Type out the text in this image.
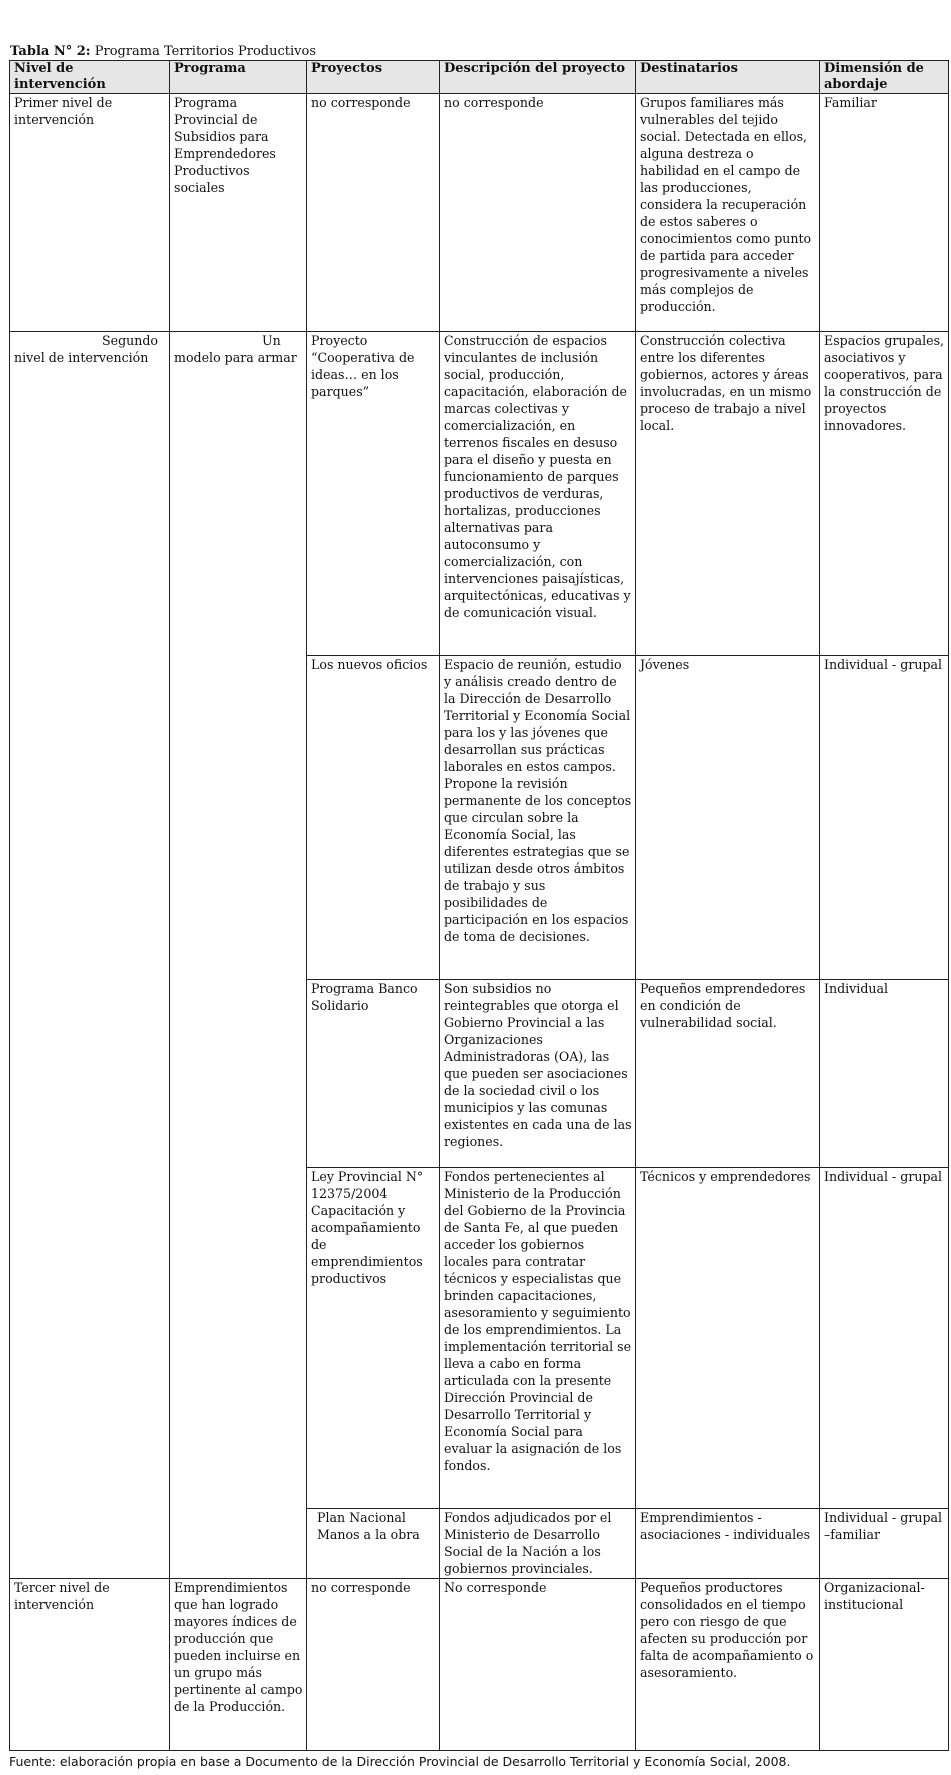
Tabla N° 2: Programa Territorios Productivos
Nivel de intervención	Programa	Proyectos	Descripción del proyecto	Destinatarios	Dimensión de abordaje
Primer nivel de intervención	Programa Provincial de Subsidios para Emprendedores Productivos sociales	no corresponde	no corresponde	Grupos familiares más vulnerables del tejido social. Detectada en ellos, alguna destreza o habilidad en el campo de las producciones, considera la recuperación de estos saberes o conocimientos como punto de partida para acceder progresivamente a niveles más complejos de producción.	Familiar
Segundo nivel de intervención	Un modelo para armar	Proyecto “Cooperativa de ideas… en los parques”	Construcción de espacios vinculantes de inclusión social, producción, capacitación, elaboración de marcas colectivas y comercialización, en terrenos fiscales en desuso para el diseño y puesta en funcionamiento de parques productivos de verduras, hortalizas, producciones alternativas para autoconsumo y comercialización, con intervenciones paisajísticas, arquitectónicas, educativas y de comunicación visual.	Construcción colectiva entre los diferentes gobiernos, actores y áreas involucradas, en un mismo proceso de trabajo a nivel local.	Espacios grupales, asociativos y cooperativos, para la construcción de proyectos innovadores.
		Los nuevos oficios	Espacio de reunión, estudio y análisis creado dentro de la Dirección de Desarrollo Territorial y Economía Social para los y las jóvenes que desarrollan sus prácticas laborales en estos campos. Propone la revisión permanente de los conceptos que circulan sobre la Economía Social, las diferentes estrategias que se utilizan desde otros ámbitos de trabajo y sus posibilidades de participación en los espacios de toma de decisiones.	Jóvenes	Individual - grupal
		Programa Banco Solidario	Son subsidios no reintegrables que otorga el Gobierno Provincial a las Organizaciones Administradoras (OA), las que pueden ser asociaciones de la sociedad civil o los municipios y las comunas existentes en cada una de las regiones.	Pequeños emprendedores en condición de vulnerabilidad social.	Individual
		Ley Provincial N° 12375/2004 Capacitación y acompañamiento de emprendimientos productivos	Fondos pertenecientes al Ministerio de la Producción del Gobierno de la Provincia de Santa Fe, al que pueden acceder los gobiernos locales para contratar técnicos y especialistas que brinden capacitaciones, asesoramiento y seguimiento de los emprendimientos. La implementación territorial se lleva a cabo en forma articulada con la presente Dirección Provincial de Desarrollo Territorial y Economía Social para evaluar la asignación de los fondos.	Técnicos y emprendedores	Individual - grupal
		Plan Nacional Manos a la obra	Fondos adjudicados por el Ministerio de Desarrollo Social de la Nación a los gobiernos provinciales.	Emprendimientos - asociaciones - individuales	Individual - grupal –familiar
Tercer nivel de intervención	Emprendimientos que han logrado mayores índices de producción que pueden incluirse en un grupo más pertinente al campo de la Producción.	no corresponde	No corresponde	Pequeños productores consolidados en el tiempo pero con riesgo de que afecten su producción por falta de acompañamiento o asesoramiento.	Organizacional- institucional
Fuente: elaboración propia en base a Documento de la Dirección Provincial de Desarrollo Territorial y Economía Social, 2008.
